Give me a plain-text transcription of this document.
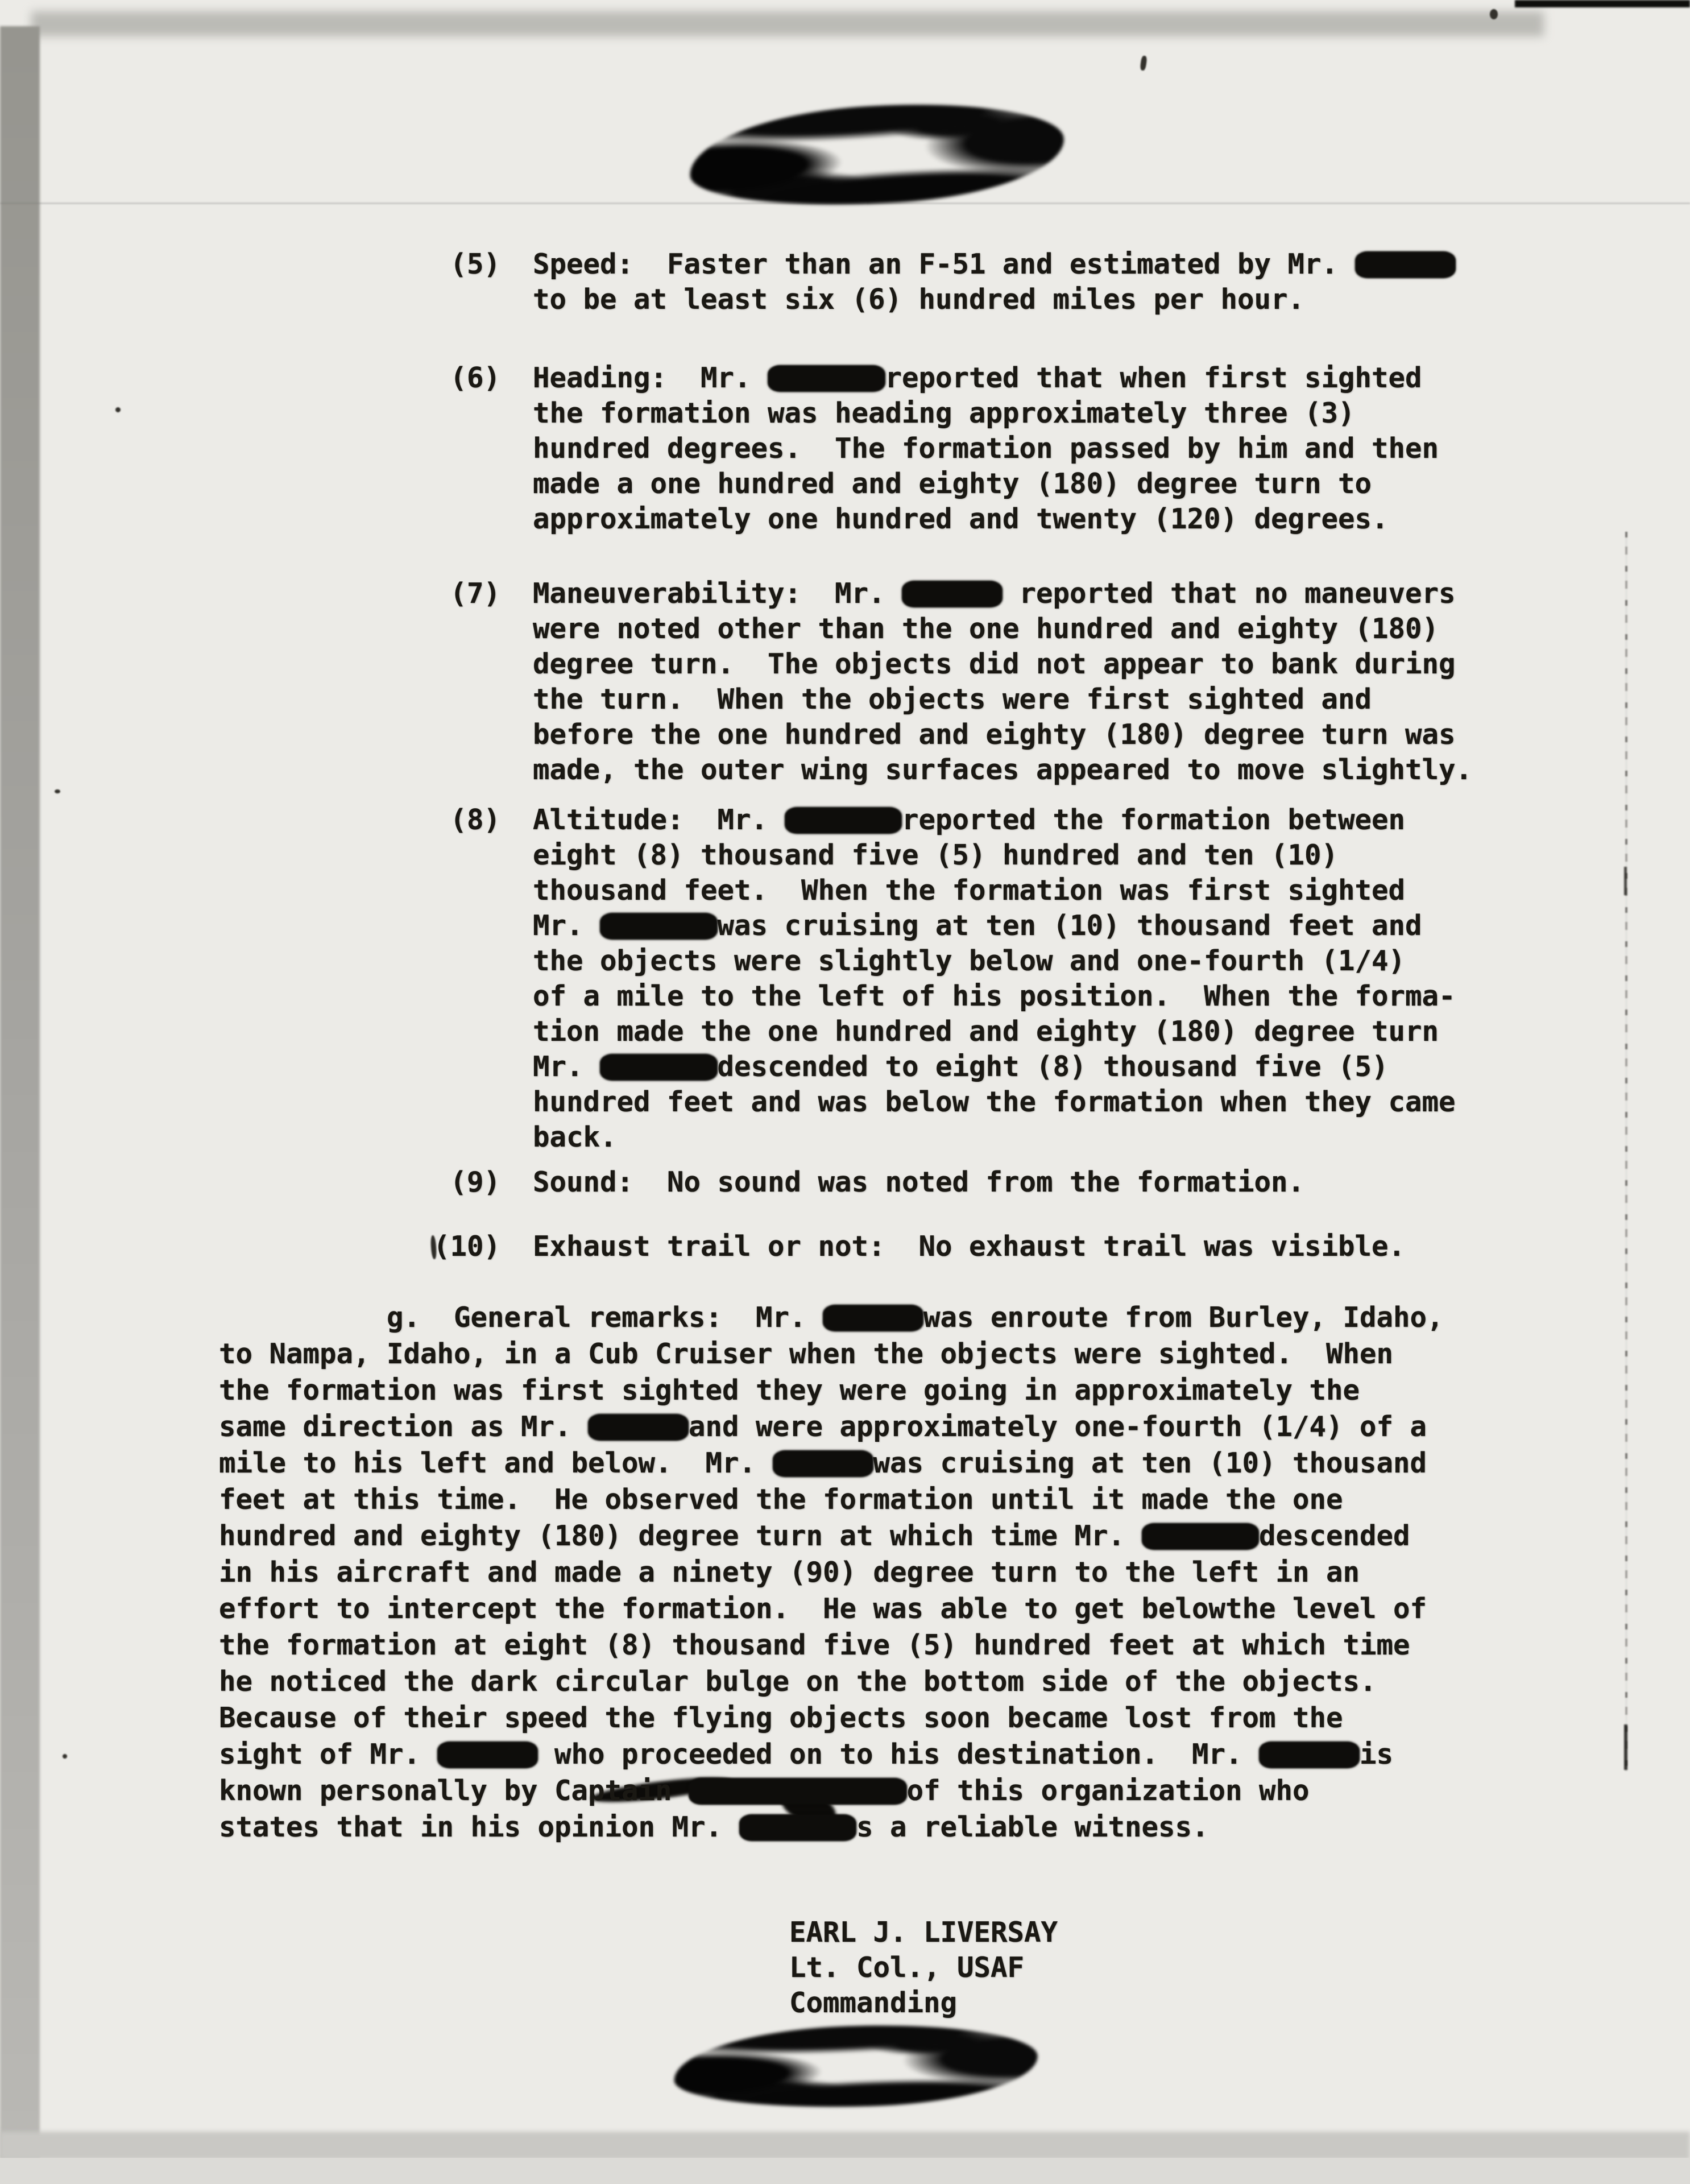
(5) Speed:  Faster than an F-51 and estimated by Mr.
to be at least six (6) hundred miles per hour.
(6) Heading:  Mr.	reported that when first sighted
the formation was heading approximately three (3)
hundred degrees.  The formation passed by him and then
made a one hundred and eighty (180) degree turn to
approximately one hundred and twenty (120) degrees.
(7) Maneuverability:  Mr.	reported that no maneuvers
were noted other than the one hundred and eighty (180)
degree turn.  The objects did not appear to bank during
the turn.  When the objects were first sighted and
before the one hundred and eighty (180) degree turn was
made, the outer wing surfaces appeared to move slightly.
(8) Altitude:  Mr.	reported the formation between
eight (8) thousand five (5) hundred and ten (10)
thousand feet.  When the formation was first sighted
Mr.	was cruising at ten (10) thousand feet and
the objects were slightly below and one-fourth (1/4)
of a mile to the left of his position.  When the forma-
tion made the one hundred and eighty (180) degree turn
Mr.	descended to eight (8) thousand five (5)
hundred feet and was below the formation when they came
back.
(9) Sound:  No sound was noted from the formation.
(10) Exhaust trail or not:  No exhaust trail was visible.
g.  General remarks:  Mr.	was enroute from Burley, Idaho,
to Nampa, Idaho, in a Cub Cruiser when the objects were sighted.  When
the formation was first sighted they were going in approximately the
same direction as Mr.	and were approximately one-fourth (1/4) of a
mile to his left and below.  Mr.	was cruising at ten (10) thousand
feet at this time.  He observed the formation until it made the one
hundred and eighty (180) degree turn at which time Mr.	descended
in his aircraft and made a ninety (90) degree turn to the left in an
effort to intercept the formation.  He was able to get belowthe level of
the formation at eight (8) thousand five (5) hundred feet at which time
he noticed the dark circular bulge on the bottom side of the objects.
Because of their speed the flying objects soon became lost from the
sight of Mr.	who proceeded on to his destination.  Mr.	is
known personally by Captain	of this organization who
states that in his opinion Mr.	s a reliable witness.
EARL J. LIVERSAY
Lt. Col., USAF
Commanding
